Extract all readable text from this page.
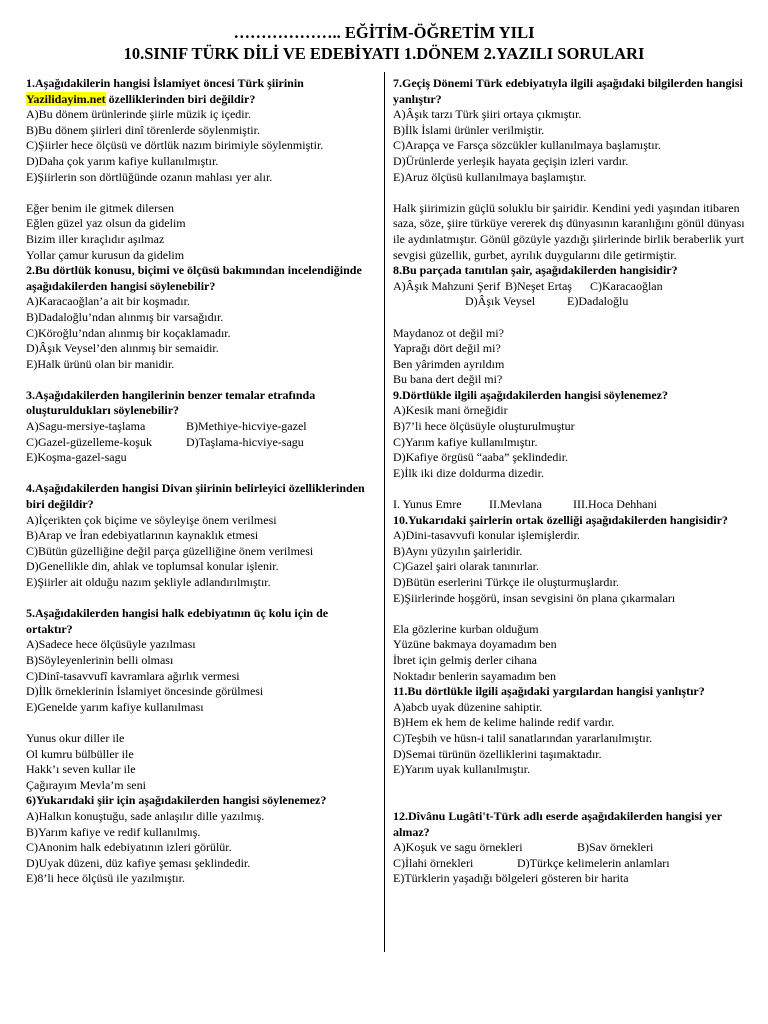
……………….. EĞİTİM-ÖĞRETİM YILI
10.SINIF TÜRK DİLİ VE EDEBİYATI 1.DÖNEM 2.YAZILI SORULARI
1.Aşağıdakilerin hangisi İslamiyet öncesi Türk şiirinin
Yazilidayim.net özelliklerinden biri değildir?
A)Bu dönem ürünlerinde şiirle müzik iç içedir.
B)Bu dönem şiirleri dinî törenlerde söylenmiştir.
C)Şiirler hece ölçüsü ve dörtlük nazım birimiyle söylenmiştir.
D)Daha çok yarım kafiye kullanılmıştır.
E)Şiirlerin son dörtlüğünde ozanın mahlası yer alır.
Eğer benim ile gitmek dilersen
Eğlen güzel yaz olsun da gidelim
Bizim iller kıraçlıdır aşılmaz
Yollar çamur kurusun da gidelim
2.Bu dörtlük konusu, biçimi ve ölçüsü bakımından incelendiğinde aşağıdakilerden hangisi söylenebilir?
A)Karacaoğlan’a ait bir koşmadır.
B)Dadaloğlu’ndan alınmış bir varsağıdır.
C)Köroğlu’ndan alınmış bir koçaklamadır.
D)Âşık Veysel’den alınmış bir semaidir.
E)Halk ürünü olan bir manidir.
3.Aşağıdakilerden hangilerinin benzer temalar etrafında oluşturuldukları söylenebilir?
A)Sagu-mersiye-taşlama	B)Methiye-hicviye-gazel
C)Gazel-güzelleme-koşuk	D)Taşlama-hicviye-sagu
E)Koşma-gazel-sagu
4.Aşağıdakilerden hangisi Divan şiirinin belirleyici özelliklerinden biri değildir?
A)İçerikten çok biçime ve söyleyişe önem verilmesi
B)Arap ve İran edebiyatlarının kaynaklık etmesi
C)Bütün güzelliğine değil parça güzelliğine önem verilmesi
D)Genellikle din, ahlak ve toplumsal konular işlenir.
E)Şiirler ait olduğu nazım şekliyle adlandırılmıştır.
5.Aşağıdakilerden hangisi halk edebiyatının üç kolu için de ortaktır?
A)Sadece hece ölçüsüyle yazılması
B)Söyleyenlerinin belli olması
C)Dinî-tasavvufî kavramlara ağırlık vermesi
D)İlk örneklerinin İslamiyet öncesinde görülmesi
E)Genelde yarım kafiye kullanılması
Yunus okur diller ile
Ol kumru bülbüller ile
Hakk’ı seven kullar ile
Çağırayım Mevla’m seni
6)Yukarıdaki şiir için aşağıdakilerden hangisi söylenemez?
A)Halkın konuştuğu, sade anlaşılır dille yazılmış.
B)Yarım kafiye ve redif kullanılmış.
C)Anonim halk edebiyatının izleri görülür.
D)Uyak düzeni, düz kafiye şeması şeklindedir.
E)8’li hece ölçüsü ile yazılmıştır.
7.Geçiş Dönemi Türk edebiyatıyla ilgili aşağıdaki bilgilerden hangisi yanlıştır?
A)Âşık tarzı Türk şiiri ortaya çıkmıştır.
B)İlk İslami ürünler verilmiştir.
C)Arapça ve Farsça sözcükler kullanılmaya başlamıştır.
D)Ürünlerde yerleşik hayata geçişin izleri vardır.
E)Aruz ölçüsü kullanılmaya başlamıştır.
Halk şiirimizin güçlü soluklu bir şairidir. Kendini yedi yaşından itibaren saza, söze, şiire türküye vererek dış dünyasının karanlığını gönül dünyası ile aydınlatmıştır. Gönül gözüyle yazdığı şiirlerinde birlik beraberlik yurt sevgisi güzellik, gurbet, ayrılık duygularını dile getirmiştir.
8.Bu parçada tanıtılan şair, aşağıdakilerden hangisidir?
A)Âşık Mahzuni Şerif B)Neşet Ertaş C)Karacaoğlan
D)Âşık Veysel	E)Dadaloğlu
Maydanoz ot değil mi?
Yaprağı dört değil mi?
Ben yârimden ayrıldım
Bu bana dert değil mi?
9.Dörtlükle ilgili aşağıdakilerden hangisi söylenemez?
A)Kesik mani örneğidir
B)7’li hece ölçüsüyle oluşturulmuştur
C)Yarım kafiye kullanılmıştır.
D)Kafiye örgüsü “aaba” şeklindedir.
E)İlk iki dize doldurma dizedir.
I. Yunus Emre II.Mevlana	III.Hoca Dehhani
10.Yukarıdaki şairlerin ortak özelliği aşağıdakilerden hangisidir?
A)Dini-tasavvufi konular işlemişlerdir.
B)Aynı yüzyılın şairleridir.
C)Gazel şairi olarak tanınırlar.
D)Bütün eserlerini Türkçe ile oluşturmuşlardır.
E)Şiirlerinde hoşgörü, insan sevgisini ön plana çıkarmaları
Ela gözlerine kurban olduğum
Yüzüne bakmaya doyamadım ben
İbret için gelmiş derler cihana
Noktadır benlerin sayamadım ben
11.Bu dörtlükle ilgili aşağıdaki yargılardan hangisi yanlıştır?
A)abcb uyak düzenine sahiptir.
B)Hem ek hem de kelime halinde redif vardır.
C)Teşbih ve hüsn-i talil sanatlarından yararlanılmıştır.
D)Semai türünün özelliklerini taşımaktadır.
E)Yarım uyak kullanılmıştır.
12.Dîvânu Lugâti't-Türk adlı eserde aşağıdakilerden hangisi yer almaz?
A)Koşuk ve sagu örnekleri	B)Sav örnekleri
C)İlahi örnekleri	D)Türkçe kelimelerin anlamları
E)Türklerin yaşadığı bölgeleri gösteren bir harita
